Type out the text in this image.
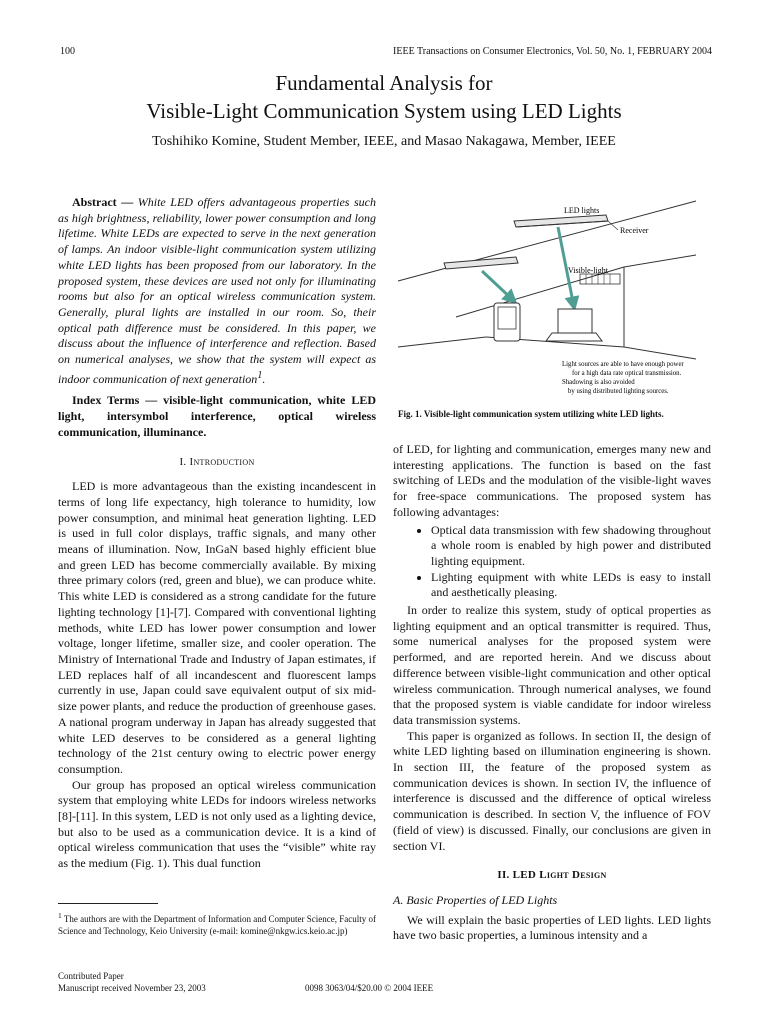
100	IEEE Transactions on Consumer Electronics, Vol. 50, No. 1, FEBRUARY 2004
Fundamental Analysis for
Visible-Light Communication System using LED Lights
Toshihiko Komine, Student Member, IEEE, and Masao Nakagawa, Member, IEEE

Abstract — White LED offers advantageous properties such as high brightness, reliability, lower power consumption and long lifetime. White LEDs are expected to serve in the next generation of lamps. An indoor visible-light communication system utilizing white LED lights has been proposed from our laboratory. In the proposed system, these devices are used not only for illuminating rooms but also for an optical wireless communication system. Generally, plural lights are installed in our room. So, their optical path difference must be considered. In this paper, we discuss about the influence of interference and reflection. Based on numerical analyses, we show that the system will expect as indoor communication of next generation$^1$.

Index Terms — visible-light communication, white LED light, intersymbol interference, optical wireless communication, illuminance.

I. Introduction

LED is more advantageous than the existing incandescent in terms of long life expectancy, high tolerance to humidity, low power consumption, and minimal heat generation lighting. LED is used in full color displays, traffic signals, and many other means of illumination. Now, InGaN based highly efficient blue and green LED has become commercially available. By mixing three primary colors (red, green and blue), we can produce white. This white LED is considered as a strong candidate for the future lighting technology [1]-[7]. Compared with conventional lighting methods, white LED has lower power consumption and lower voltage, longer lifetime, smaller size, and cooler operation. The Ministry of International Trade and Industry of Japan estimates, if LED replaces half of all incandescent and fluorescent lamps currently in use, Japan could save equivalent output of six mid-size power plants, and reduce the production of greenhouse gases. A national program underway in Japan has already suggested that white LED deserves to be considered as a general lighting technology of the 21st century owing to electric power energy consumption.

Our group has proposed an optical wireless communication system that employing white LEDs for indoors wireless networks [8]-[11]. In this system, LED is not only used as a lighting device, but also to be used as a communication device. It is a kind of optical wireless communication that uses the “visible” white ray as the medium (Fig. 1). This dual function

LED lights
Receiver
Visible-light
Light sources are able to have enough power
for a high data rate optical transmission.
Shadowing is also avoided
by using distributed lighting sources.
Fig. 1. Visible-light communication system utilizing white LED lights.

of LED, for lighting and communication, emerges many new and interesting applications. The function is based on the fast switching of LEDs and the modulation of the visible-light waves for free-space communications. The proposed system has following advantages:

• Optical data transmission with few shadowing throughout a whole room is enabled by high power and distributed lighting equipment.
• Lighting equipment with white LEDs is easy to install and aesthetically pleasing.

In order to realize this system, study of optical properties as lighting equipment and an optical transmitter is required. Thus, some numerical analyses for the proposed system were performed, and are reported herein. And we discuss about difference between visible-light communication and other optical wireless communication. Through numerical analyses, we found that the proposed system is viable candidate for indoor wireless data transmission systems.

This paper is organized as follows. In section II, the design of white LED lighting based on illumination engineering is shown. In section III, the feature of the proposed system as communication devices is shown. In section IV, the influence of interference is discussed and the difference of optical wireless communication is described. In section V, the influence of FOV (field of view) is discussed. Finally, our conclusions are given in section VI.

II. LED Light Design

A. Basic Properties of LED Lights

We will explain the basic properties of LED lights. LED lights have two basic properties, a luminous intensity and a

$^1$ The authors are with the Department of Information and Computer Science, Faculty of Science and Technology, Keio University (e-mail: komine@nkgw.ics.keio.ac.jp)
Contributed Paper
Manuscript received November 23, 2003	0098 3063/04/$20.00 © 2004 IEEE
